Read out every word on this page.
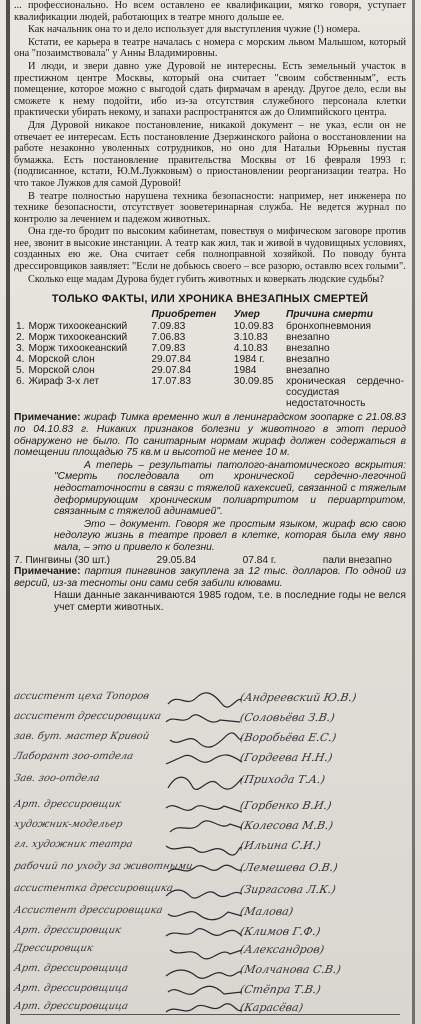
... профессионально. Но всем оставлено ее квалификации, мягко говоря, уступает квалификации людей, работающих в театре много дольше ее.

Как начальник она то и дело использует для выступления чужие (!) номера.

Кстати, ее карьера в театре началась с номера с морским львом Малышом, который она "позаимствовала" у Анны Владимировны.

И люди, и звери давно уже Дуровой не интересны. Есть земельный участок в престижном центре Москвы, который она считает "своим собственным", есть помещение, которое можно с выгодой сдать фирмачам в аренду. Другое дело, если вы сможете к нему подойти, ибо из-за отсутствия служебного персонала клетки практически убирать некому, и запахи распространятся аж до Олимпийского центра.

Для Дуровой никакое постановление, никакой документ – не указ, если он не отвечает ее интересам. Есть постановление Дзержинского района о восстановлении на работе незаконно уволенных сотрудников, но оно для Натальи Юрьевны пустая бумажка. Есть постановление правительства Москвы от 16 февраля 1993 г. (подписанное, кстати, Ю.М.Лужковым) о приостановлении реорганизации театра. Но что такое Лужков для самой Дуровой!

В театре полностью нарушена техника безопасности: например, нет инженера по технике безопасности, отсутствует зооветеринарная служба. Не ведется журнал по контролю за лечением и падежом животных.

Она где-то бродит по высоким кабинетам, повествуя о мифическом заговоре против нее, звонит в высокие инстанции. А театр как жил, так и живой в чудовищных условиях, созданных ею же. Она считает себя полноправной хозяйкой. По поводу бунта дрессировщиков заявляет: "Если не добьюсь своего – все разорю, оставлю всех голыми".

Сколько еще мадам Дурова будет губить животных и коверкать людские судьбы?

ТОЛЬКО ФАКТЫ, ИЛИ ХРОНИКА ВНЕЗАПНЫХ СМЕРТЕЙ
		Приобретен	Умер	Причина смерти
1.	Морж тихоокеанский	7.09.83	10.09.83	бронхопневмония
2.	Морж тихоокеанский	7.06.83	3.10.83	внезапно
3.	Морж тихоокеанский	7.09.83	4.10.83	внезапно
4.	Морской слон	29.07.84	1984 г.	внезапно
5.	Морской слон	29.07.84	1984	внезапно
6.	Жираф 3-х лет	17.07.83	30.09.85	хроническая сердечно-сосудистая недостаточность

Примечание: жираф Тимка временно жил в ленинградском зоопарке с 21.08.83 по 04.10.83 г. Никаких признаков болезни у животного в этот период обнаружено не было. По санитарным нормам жираф должен содержаться в помещении площадью 75 кв.м и высотой не менее 10 м.

А теперь – результаты патолого-анатомического вскрытия: "Смерть последовала от хронической сердечно-легочной недостаточности в связи с тяжелой кахексией, связанной с тяжелым деформирующим хроническим полиартритом и периартритом, связанным с тяжелой адинамией".

Это – документ. Говоря же простым языком, жираф всю свою недолгую жизнь в театре провел в клетке, которая была ему явно мала, – это и привело к болезни.

7. Пингвины (30 шт.)	29.05.84	07.84 г.	пали внезапно

Примечание: партия пингвинов закуплена за 12 тыс. долларов. По одной из версий, из-за тесноты они сами себя забили клювами.

Наши данные заканчиваются 1985 годом, т.е. в последние годы не велся учет смерти животных.

ассистент цеха Топоров	(Андреевский Ю.В.)
ассистент дрессировщика	(Соловьёва З.В.)
зав. бут. мастер Кривой	(Воробьёва Е.С.)
Лаборант зоо-отдела	(Гордеева Н.Н.)
Зав. зоо-отдела	(Прихода Т.А.)
Арт. дрессировщик	(Горбенко В.И.)
художник-модельер	(Колесова М.В.)
гл. художник театра	(Ильина С.И.)
рабочий по уходу за животными	(Лемешева О.В.)
ассистентка дрессировщика	(Зиргасова Л.К.)
Ассистент дрессировщика	(Малова)
Арт. дрессировщик	(Климов Г.Ф.)
Дрессировщик	(Александров)
Арт. дрессировщица	(Молчанова С.В.)
Арт. дрессировщица	(Стёпра Т.В.)
Арт. дрессировщица	(Карасёва)
